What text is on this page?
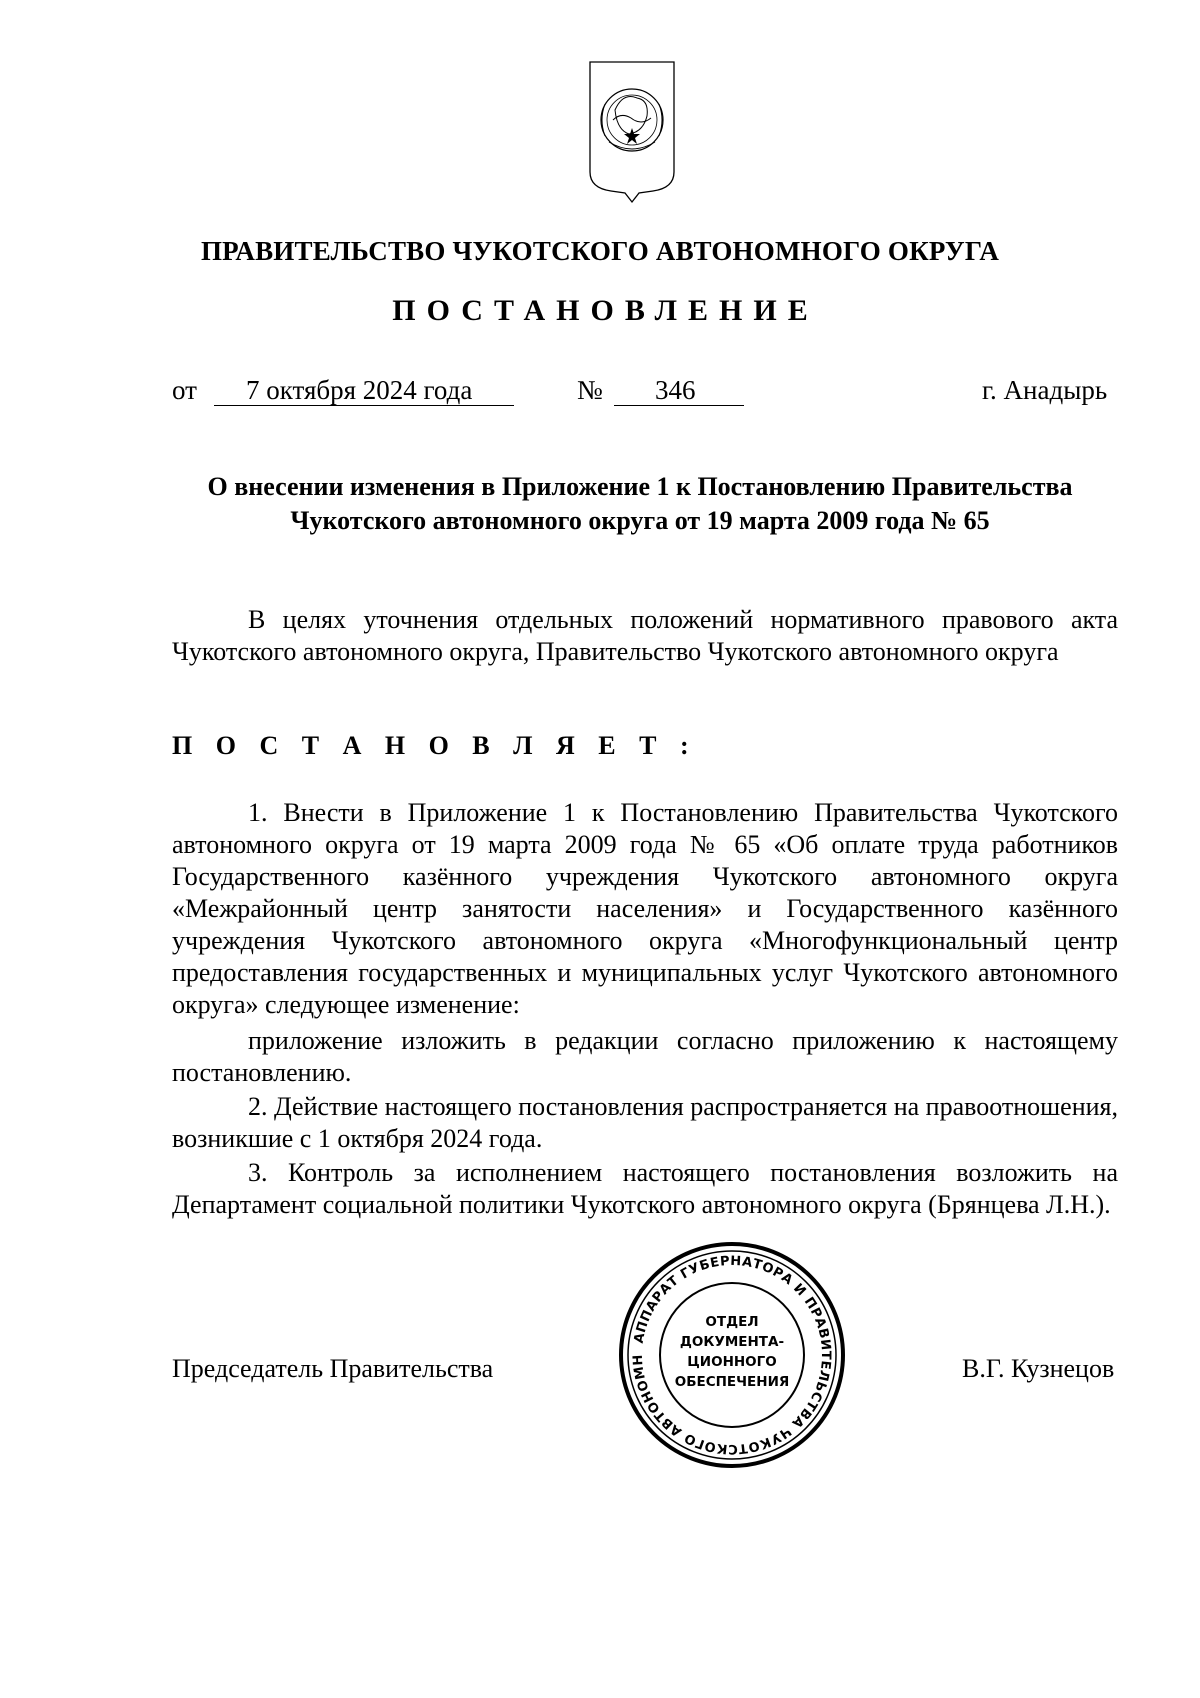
ПРАВИТЕЛЬСТВО ЧУКОТСКОГО АВТОНОМНОГО ОКРУГА
ПОСТАНОВЛЕНИЕ
от 7 октября 2024 года	№ 346	г. Анадырь
О внесении изменения в Приложение 1 к Постановлению Правительства
Чукотского автономного округа от 19 марта 2009 года № 65
В целях уточнения отдельных положений нормативного правового акта Чукотского автономного округа, Правительство Чукотского автономного округа
П О С Т А Н О В Л Я Е Т :
1. Внести в Приложение 1 к Постановлению Правительства Чукотского автономного округа от 19 марта 2009 года № 65 «Об оплате труда работников Государственного казённого учреждения Чукотского автономного округа «Межрайонный центр занятости населения» и Государственного казённого учреждения Чукотского автономного округа «Многофункциональный центр предоставления государственных и муниципальных услуг Чукотского автономного округа» следующее изменение:
приложение изложить в редакции согласно приложению к настоящему постановлению.
2. Действие настоящего постановления распространяется на правоотношения, возникшие с 1 октября 2024 года.
3. Контроль за исполнением настоящего постановления возложить на Департамент социальной политики Чукотского автономного округа (Брянцева Л.Н.).
Председатель Правительства	В.Г. Кузнецов
АППАРАТ ГУБЕРНАТОРА И ПРАВИТЕЛЬСТВА ЧУКОТСКОГО АВТОНОМН
ОТДЕЛ
ДОКУМЕНТА-
ЦИОННОГО
ОБЕСПЕЧЕНИЯ
